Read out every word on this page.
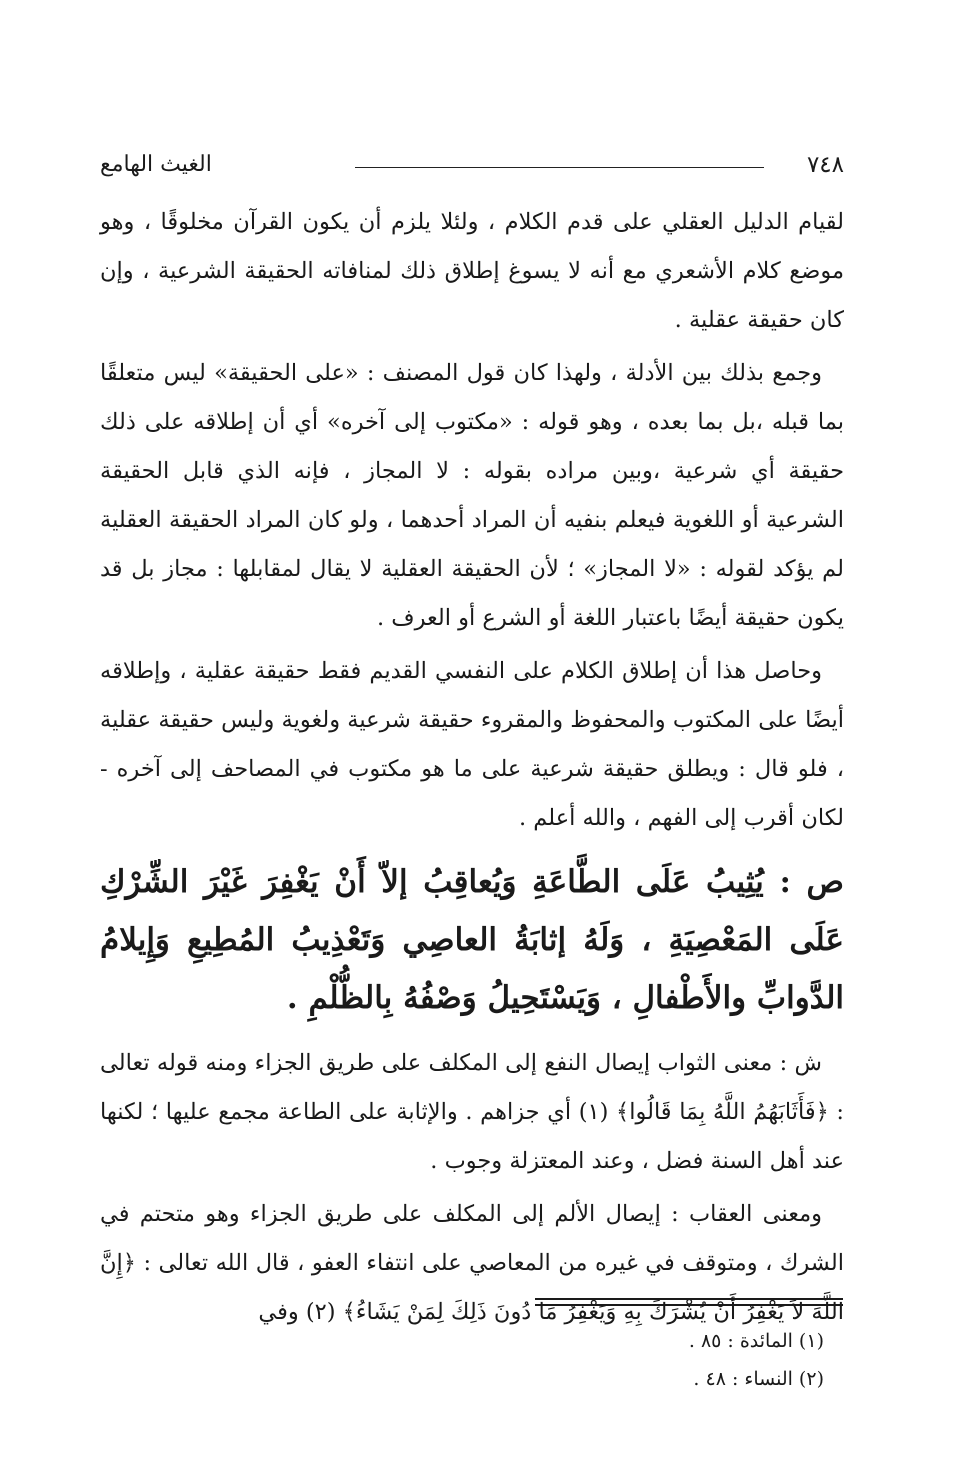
٧٤٨
الغيث الهامع

لقيام الدليل العقلي على قدم الكلام ، ولئلا يلزم أن يكون القرآن مخلوقًا ، وهو موضع كلام الأشعري مع أنه لا يسوغ إطلاق ذلك لمنافاته الحقيقة الشرعية ، وإن كان حقيقة عقلية .

وجمع بذلك بين الأدلة ، ولهذا كان قول المصنف : «على الحقيقة» ليس متعلقًا بما قبله ،بل بما بعده ، وهو قوله : «مكتوب إلى آخره» أي أن إطلاقه على ذلك حقيقة أي شرعية ،وبين مراده بقوله : لا المجاز ، فإنه الذي قابل الحقيقة الشرعية أو اللغوية فيعلم بنفيه أن المراد أحدهما ، ولو كان المراد الحقيقة العقلية لم يؤكد لقوله : «لا المجاز» ؛ لأن الحقيقة العقلية لا يقال لمقابلها : مجاز بل قد يكون حقيقة أيضًا باعتبار اللغة أو الشرع أو العرف .

وحاصل هذا أن إطلاق الكلام على النفسي القديم فقط حقيقة عقلية ، وإطلاقه أيضًا على المكتوب والمحفوظ والمقروء حقيقة شرعية ولغوية وليس حقيقة عقلية ، فلو قال : ويطلق حقيقة شرعية على ما هو مكتوب في المصاحف إلى آخره - لكان أقرب إلى الفهم ، والله أعلم .

ص : يُثِيبُ عَلَى الطَّاعَةِ وَيُعاقِبُ إلاّ أَنْ يَغْفِرَ غَيْرَ الشِّرْكِ عَلَى المَعْصِيَةِ ، وَلَهُ إثابَةُ العاصِي وَتَعْذِيبُ المُطِيعِ وَإِيلامُ الدَّوابِّ والأَطْفالِ ، وَيَسْتَحِيلُ وَصْفُهُ بِالظُّلْمِ .

ش : معنى الثواب إيصال النفع إلى المكلف على طريق الجزاء ومنه قوله تعالى : ﴿فَأَثَابَهُمُ اللَّهُ بِمَا قَالُوا﴾ (١) أي جزاهم . والإثابة على الطاعة مجمع عليها ؛ لكنها عند أهل السنة فضل ، وعند المعتزلة وجوب .

ومعنى العقاب : إيصال الألم إلى المكلف على طريق الجزاء وهو متحتم في الشرك ، ومتوقف في غيره من المعاصي على انتفاء العفو ، قال الله تعالى : ﴿إِنَّ اللَّهَ لاَ يَغْفِرُ أَنْ يُشْرَكَ بِهِ وَيَغْفِرُ مَا دُونَ ذَلِكَ لِمَنْ يَشَاءُ﴾ (٢) وفي

(١) المائدة : ٨٥ .

(٢) النساء : ٤٨ .
